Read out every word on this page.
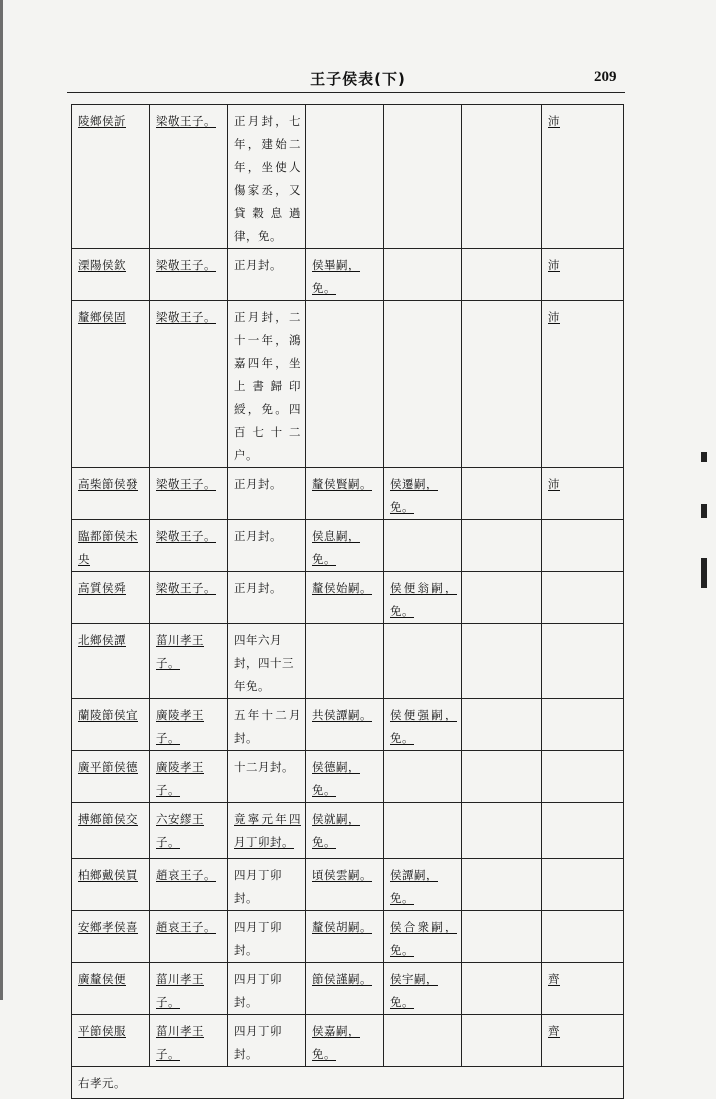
王子侯表(下)	209
陵鄉侯訢	梁敬王子。	正月封，七年，建始二年，坐使人傷家丞，又貸穀息過律，免。				沛
溧陽侯欽	梁敬王子。	正月封。	侯畢嗣，免。			沛
釐鄉侯固	梁敬王子。	正月封，二十一年，鴻嘉四年，坐上書歸印綬，免。四百七十二户。				沛
高柴節侯發	梁敬王子。	正月封。	釐侯賢嗣。	侯遷嗣，免。		沛
臨都節侯未央	梁敬王子。	正月封。	侯息嗣，免。			
高質侯舜	梁敬王子。	正月封。	釐侯始嗣。	侯便翁嗣，免。		
北鄉侯譚	菑川孝王子。	四年六月封，四十三年免。				
蘭陵節侯宜	廣陵孝王子。	五年十二月封。	共侯譚嗣。	侯便强嗣，免。		
廣平節侯德	廣陵孝王子。	十二月封。	侯德嗣，免。			
搏鄉節侯交	六安繆王子。	竟寧元年四月丁卯封。	侯就嗣，免。			
柏鄉戴侯買	趙哀王子。	四月丁卯封。	頃侯雲嗣。	侯譚嗣，免。		
安鄉孝侯喜	趙哀王子。	四月丁卯封。	釐侯胡嗣。	侯合衆嗣，免。		
廣釐侯便	菑川孝王子。	四月丁卯封。	節侯謹嗣。	侯宇嗣，免。		齊
平節侯服	菑川孝王子。	四月丁卯封。	侯嘉嗣，免。			齊
右孝元。						
